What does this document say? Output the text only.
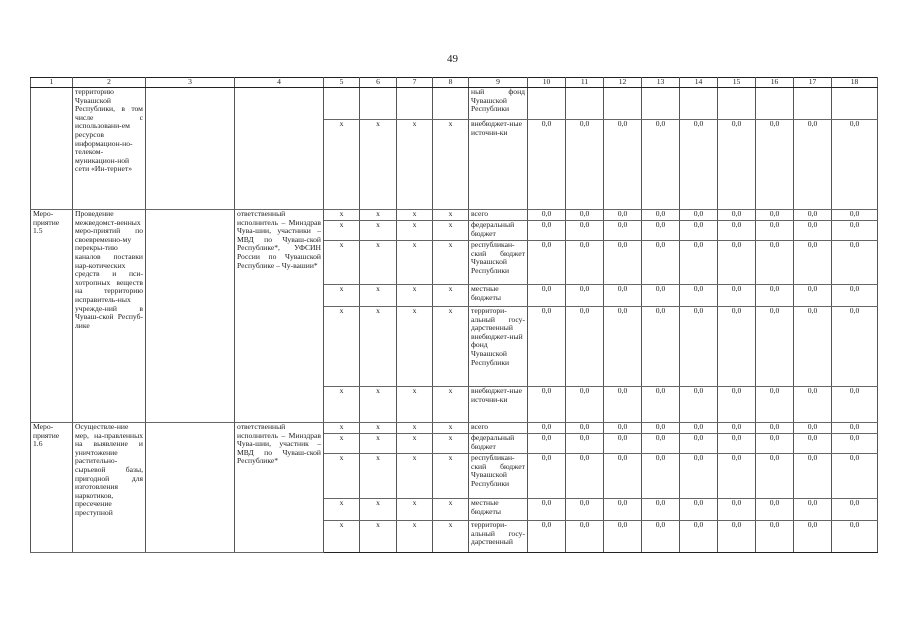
49
1	2	3	4	5	6	7	8	9	10	11	12	13	14	15	16	17	18
	территорию Чувашской Республики, в том числе с использовани-ем ресурсов информацион-но-телеком-муникацион-ной сети «Ин-тернет»							ный фонд Чувашской Республики									
				х	х	х	х	внебюджет-ные источни-ки	0,0	0,0	0,0	0,0	0,0	0,0	0,0	0,0	0,0
Меро-приятие 1.5	Проведение межведомст-венных меро-приятий по своевременно-му перекры-тию каналов поставки нар-котических средств и пси-хотропных веществ на территорию исправитель-ных учрежде-ний в Чуваш-ской Респуб-лике		ответственный исполнитель – Минздрав Чува-шии, участники – МВД по Чуваш-ской Республике*, УФСИН России по Чувашской Республике – Чу-вашии*	х	х	х	х	всего	0,0	0,0	0,0	0,0	0,0	0,0	0,0	0,0	0,0
				х	х	х	х	федеральный бюджет	0,0	0,0	0,0	0,0	0,0	0,0	0,0	0,0	0,0
				х	х	х	х	республикан-ский бюджет Чувашской Республики	0,0	0,0	0,0	0,0	0,0	0,0	0,0	0,0	0,0
				х	х	х	х	местные бюджеты	0,0	0,0	0,0	0,0	0,0	0,0	0,0	0,0	0,0
				х	х	х	х	территори-альный госу-дарственный внебюджет-ный фонд Чувашской Республики	0,0	0,0	0,0	0,0	0,0	0,0	0,0	0,0	0,0
				х	х	х	х	внебюджет-ные источни-ки	0,0	0,0	0,0	0,0	0,0	0,0	0,0	0,0	0,0
Меро-приятие 1.6	Осуществле-ние мер, на-правленных на выявление и уничтожение растительно-сырьевой базы, пригодной для изготовления наркотиков, пресечение преступной		ответственный исполнитель – Минздрав Чува-шии, участник – МВД по Чуваш-ской Республике*	х	х	х	х	всего	0,0	0,0	0,0	0,0	0,0	0,0	0,0	0,0	0,0
				х	х	х	х	федеральный бюджет	0,0	0,0	0,0	0,0	0,0	0,0	0,0	0,0	0,0
				х	х	х	х	республикан-ский бюджет Чувашской Республики	0,0	0,0	0,0	0,0	0,0	0,0	0,0	0,0	0,0
				х	х	х	х	местные бюджеты	0,0	0,0	0,0	0,0	0,0	0,0	0,0	0,0	0,0
				х	х	х	х	территори-альный госу-дарственный	0,0	0,0	0,0	0,0	0,0	0,0	0,0	0,0	0,0
